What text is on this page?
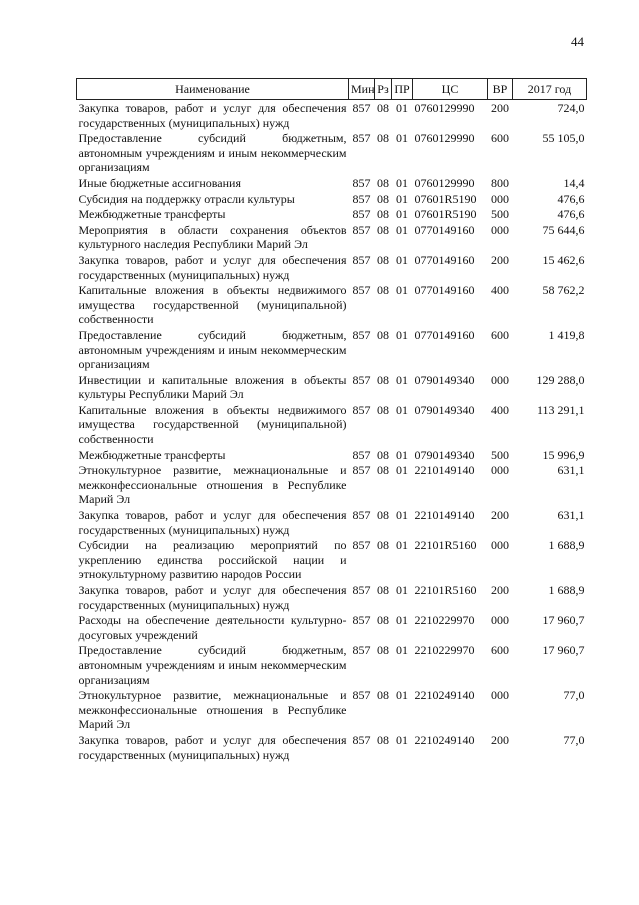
44
Наименование	Мин	Рз	ПР	ЦС	ВР	2017 год
Закупка товаров, работ и услуг для обеспечения государственных (муниципальных) нужд	857	08	01	0760129990	200	724,0
Предоставление субсидий бюджетным, автономным учреждениям и иным некоммерческим организациям	857	08	01	0760129990	600	55 105,0
Иные бюджетные ассигнования	857	08	01	0760129990	800	14,4
Субсидия на поддержку отрасли культуры	857	08	01	07601R5190	000	476,6
Межбюджетные трансферты	857	08	01	07601R5190	500	476,6
Мероприятия в области сохранения объектов культурного наследия Республики Марий Эл	857	08	01	0770149160	000	75 644,6
Закупка товаров, работ и услуг для обеспечения государственных (муниципальных) нужд	857	08	01	0770149160	200	15 462,6
Капитальные вложения в объекты недвижимого имущества государственной (муниципальной) собственности	857	08	01	0770149160	400	58 762,2
Предоставление субсидий бюджетным, автономным учреждениям и иным некоммерческим организациям	857	08	01	0770149160	600	1 419,8
Инвестиции и капитальные вложения в объекты культуры Республики Марий Эл	857	08	01	0790149340	000	129 288,0
Капитальные вложения в объекты недвижимого имущества государственной (муниципальной) собственности	857	08	01	0790149340	400	113 291,1
Межбюджетные трансферты	857	08	01	0790149340	500	15 996,9
Этнокультурное развитие, межнациональные и межконфессиональные отношения в Республике Марий Эл	857	08	01	2210149140	000	631,1
Закупка товаров, работ и услуг для обеспечения государственных (муниципальных) нужд	857	08	01	2210149140	200	631,1
Субсидии на реализацию мероприятий по укреплению единства российской нации и этнокультурному развитию народов России	857	08	01	22101R5160	000	1 688,9
Закупка товаров, работ и услуг для обеспечения государственных (муниципальных) нужд	857	08	01	22101R5160	200	1 688,9
Расходы на обеспечение деятельности культурно-досуговых учреждений	857	08	01	2210229970	000	17 960,7
Предоставление субсидий бюджетным, автономным учреждениям и иным некоммерческим организациям	857	08	01	2210229970	600	17 960,7
Этнокультурное развитие, межнациональные и межконфессиональные отношения в Республике Марий Эл	857	08	01	2210249140	000	77,0
Закупка товаров, работ и услуг для обеспечения государственных (муниципальных) нужд	857	08	01	2210249140	200	77,0
